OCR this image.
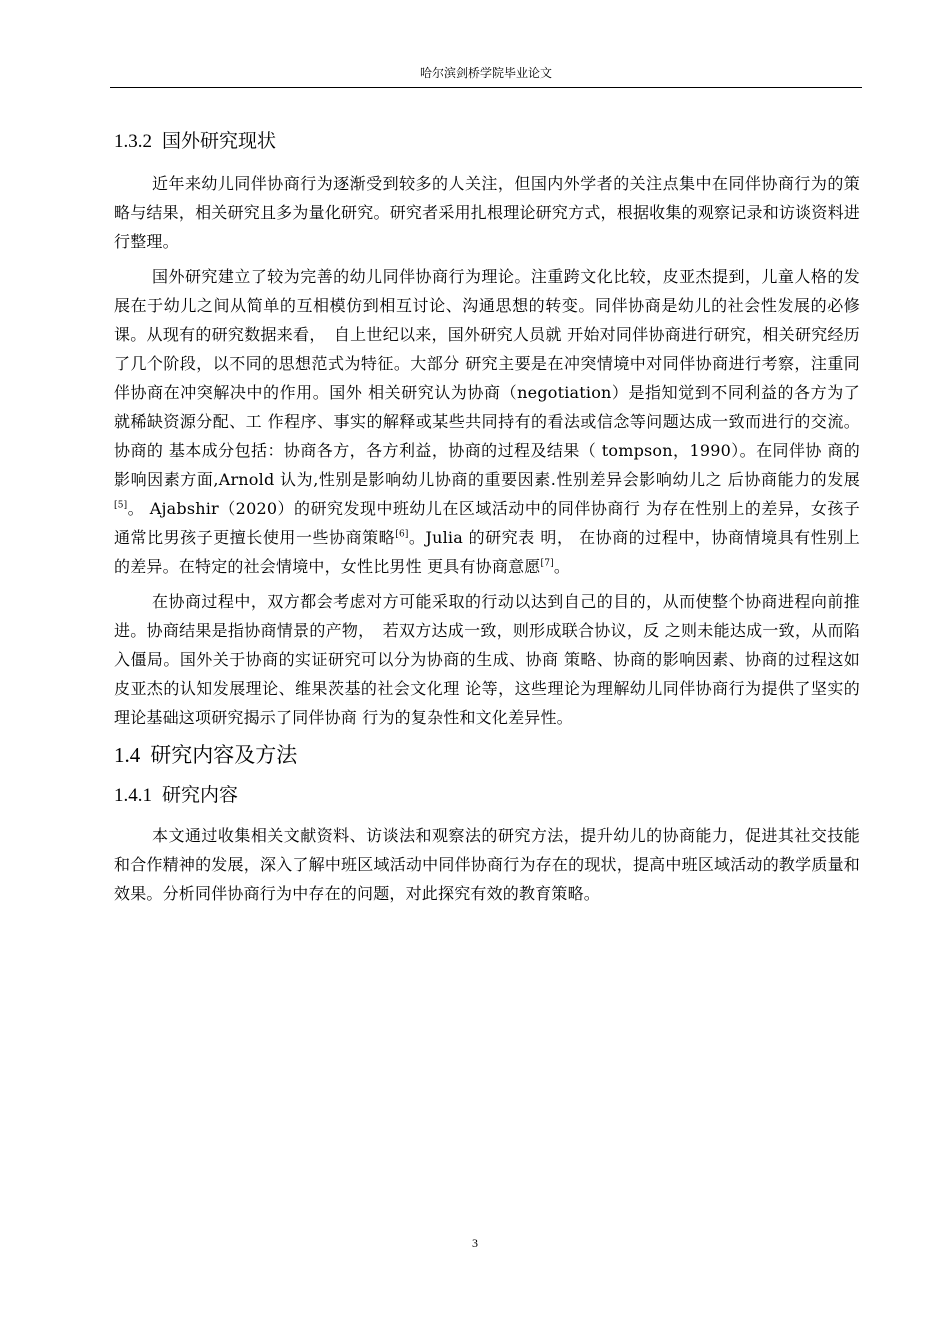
哈尔滨剑桥学院毕业论文
1.3.2 国外研究现状

近年来幼儿同伴协商行为逐渐受到较多的人关注，但国内外学者的关注点集中在同伴协商行为的策略与结果，相关研究且多为量化研究。研究者采用扎根理论研究方式，根据收集的观察记录和访谈资料进行整理。

国外研究建立了较为完善的幼儿同伴协商行为理论。注重跨文化比较，皮亚杰提到，儿童人格的发展在于幼儿之间从简单的互相模仿到相互讨论、沟通思想的转变。同伴协商是幼儿的社会性发展的必修课。从现有的研究数据来看，　自上世纪以来，国外研究人员就 开始对同伴协商进行研究，相关研究经历了几个阶段，以不同的思想范式为特征。大部分 研究主要是在冲突情境中对同伴协商进行考察，注重同伴协商在冲突解决中的作用。国外 相关研究认为协商（negotiation）是指知觉到不同利益的各方为了就稀缺资源分配、工 作程序、事实的解释或某些共同持有的看法或信念等问题达成一致而进行的交流。协商的 基本成分包括：协商各方，各方利益，协商的过程及结果（ tompson，1990）。在同伴协 商的影响因素方面,Arnold 认为,性别是影响幼儿协商的重要因素.性别差异会影响幼儿之 后协商能力的发展[5]。 Ajabshir（2020）的研究发现中班幼儿在区域活动中的同伴协商行 为存在性别上的差异，女孩子通常比男孩子更擅长使用一些协商策略[6]。Julia 的研究表 明， 在协商的过程中，协商情境具有性别上的差异。在特定的社会情境中，女性比男性 更具有协商意愿[7]。

在协商过程中，双方都会考虑对方可能采取的行动以达到自己的目的，从而使整个协商进程向前推进。协商结果是指协商情景的产物，　若双方达成一致，则形成联合协议，反 之则未能达成一致，从而陷入僵局。国外关于协商的实证研究可以分为协商的生成、协商 策略、协商的影响因素、协商的过程这如皮亚杰的认知发展理论、维果茨基的社会文化理 论等，这些理论为理解幼儿同伴协商行为提供了坚实的理论基础这项研究揭示了同伴协商 行为的复杂性和文化差异性。

1.4 研究内容及方法
1.4.1 研究内容

本文通过收集相关文献资料、访谈法和观察法的研究方法，提升幼儿的协商能力，促进其社交技能和合作精神的发展，深入了解中班区域活动中同伴协商行为存在的现状，提高中班区域活动的教学质量和效果。分析同伴协商行为中存在的问题，对此探究有效的教育策略。

3
